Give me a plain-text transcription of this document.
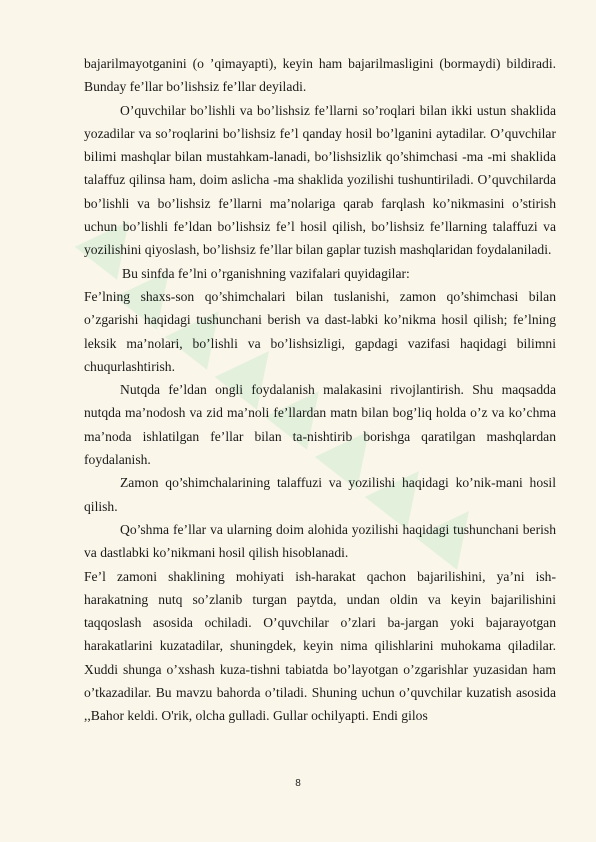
▲
▲
▲
▲
▲
▲
▲
▲

bajarilmayotganini (o ’qimayapti), keyin ham bajarilmasligini (bormaydi) bildiradi. Bunday fe’llar bo’lishsiz fe’llar deyiladi.

O’quvchilar bo’lishli va bo’lishsiz fe’llarni so’roqlari bilan ikki ustun shaklida yozadilar va so’roqlarini bo’lishsiz fe’l qanday hosil bo’lganini aytadilar. O’quvchilar bilimi mashqlar bilan mustahkam-lanadi, bo’lishsizlik qo’shimchasi -ma -mi shaklida talaffuz qilinsa ham, doim aslicha -ma shaklida yozilishi tushuntiriladi. O’quvchilarda bo’lishli va bo’lishsiz fe’llarni ma’nolariga qarab farqlash ko’nikmasini o’stirish uchun bo’lishli fe’ldan bo’lishsiz fe’l hosil qilish, bo’lishsiz fe’llarning talaffuzi va yozilishini qiyoslash, bo’lishsiz fe’llar bilan gaplar tuzish mashqlaridan foydalaniladi.

Bu sinfda fe’lni o’rganishning vazifalari quyidagilar:

Fe’lning shaxs-son qo’shimchalari bilan tuslanishi, zamon qo’shimchasi bilan o’zgarishi haqidagi tushunchani berish va dast-labki ko’nikma hosil qilish; fe’lning leksik ma’nolari, bo’lishli va bo’lishsizligi, gapdagi vazifasi haqidagi bilimni chuqurlashtirish.

Nutqda fe’ldan ongli foydalanish malakasini rivojlantirish. Shu maqsadda nutqda ma’nodosh va zid ma’noli fe’llardan matn bilan bog’liq holda o’z va ko’chma ma’noda ishlatilgan fe’llar bilan ta-nishtirib borishga qaratilgan mashqlardan foydalanish.

Zamon qo’shimchalarining talaffuzi va yozilishi haqidagi ko’nik-mani hosil qilish.

Qo’shma fe’llar va ularning doim alohida yozilishi haqidagi tushunchani berish va dastlabki ko’nikmani hosil qilish hisoblanadi.

Fe’l zamoni shaklining mohiyati ish-harakat qachon bajarilishini, ya’ni ish-harakatning nutq so’zlanib turgan paytda, undan oldin va keyin bajarilishini taqqoslash asosida ochiladi. O’quvchilar o’zlari ba-jargan yoki bajarayotgan harakatlarini kuzatadilar, shuningdek, keyin nima qilishlarini muhokama qiladilar. Xuddi shunga o’xshash kuza-tishni tabiatda bo’layotgan o’zgarishlar yuzasidan ham o’tkazadilar. Bu mavzu bahorda o’tiladi. Shuning uchun o’quvchilar kuzatish asosida ,,Bahor keldi. O'rik, olcha gulladi. Gullar ochilyapti. Endi gilos

8
